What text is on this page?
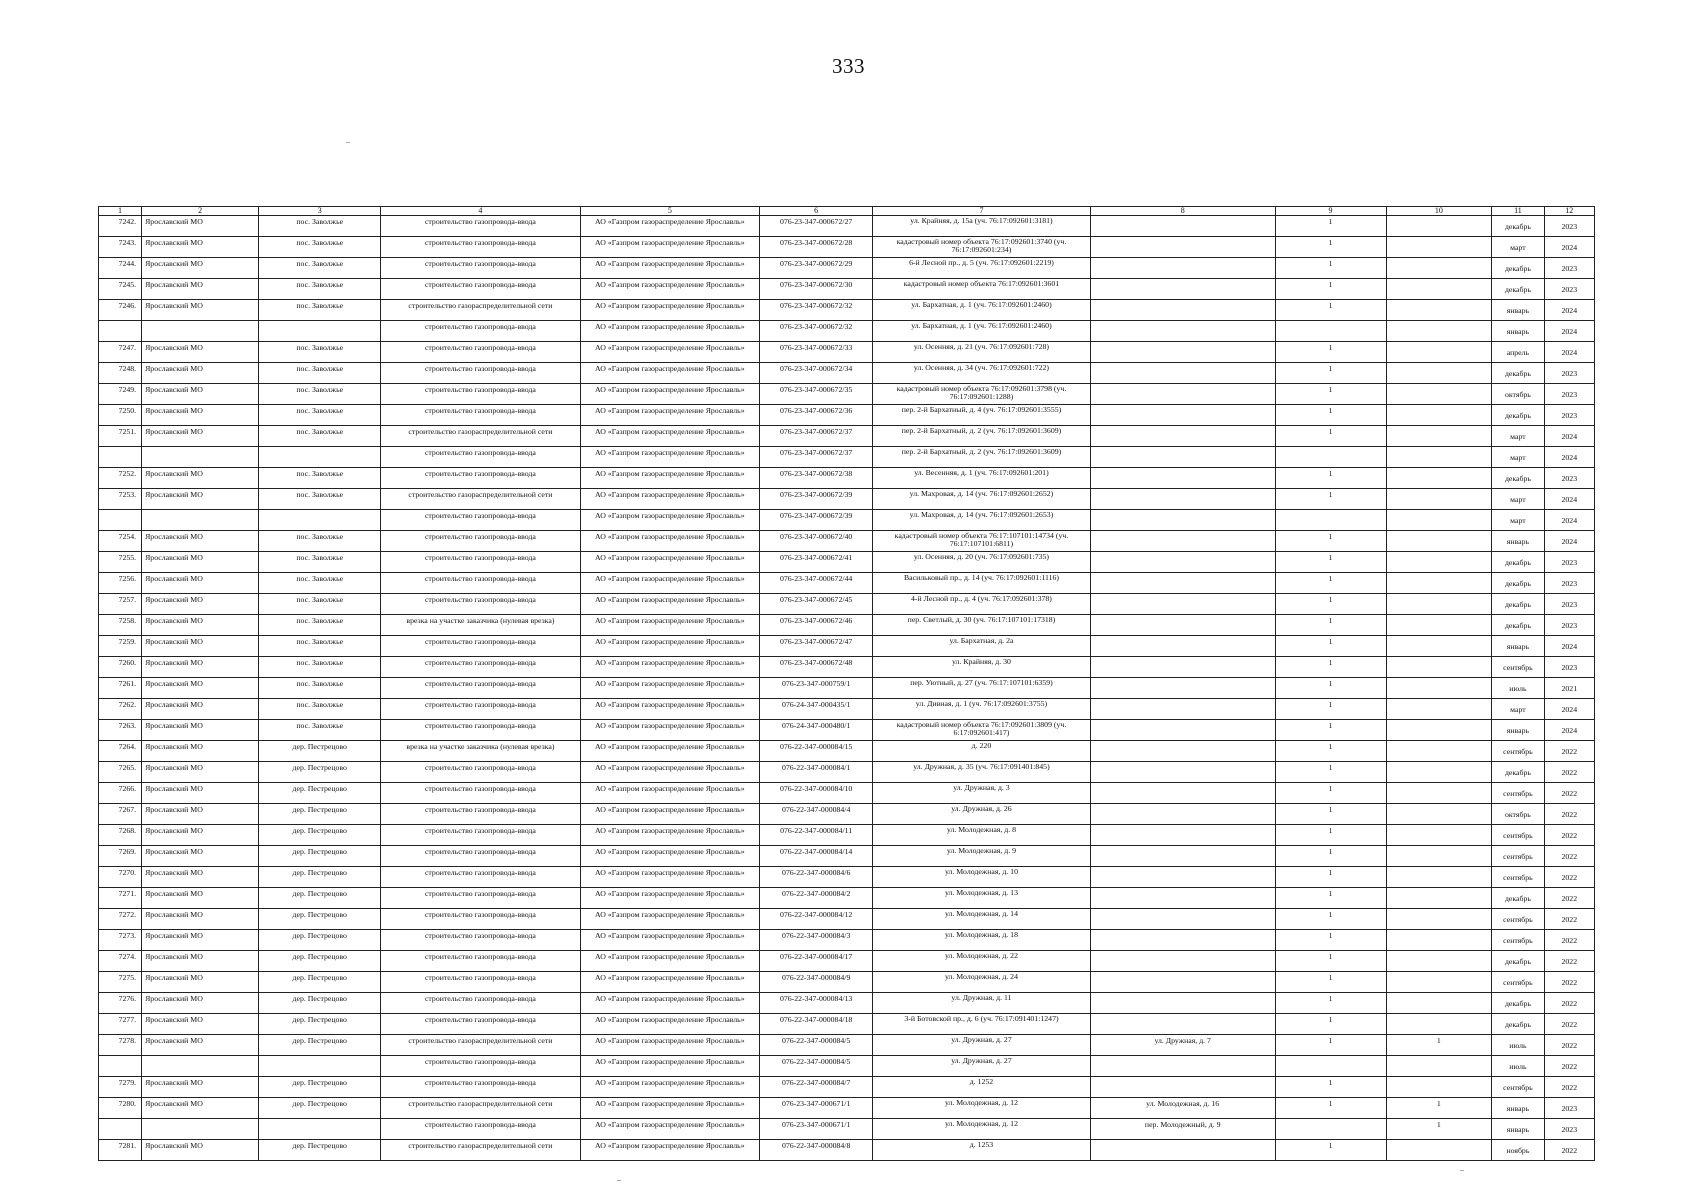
333
1	2	3	4	5	6	7	8	9	10	11	12
7242.	Ярославский МО	пос. Заволжье	строительство газопровода-ввода	АО «Газпром газораспределение Ярославль»	076-23-347-000672/27	ул. Крайняя, д. 15а (уч. 76:17:092601:3181)		1		декабрь	2023
7243.	Ярославский МО	пос. Заволжье	строительство газопровода-ввода	АО «Газпром газораспределение Ярославль»	076-23-347-000672/28	кадастровый номер объекта 76:17:092601:3740 (уч. 76:17:092601:234)		1		март	2024
7244.	Ярославский МО	пос. Заволжье	строительство газопровода-ввода	АО «Газпром газораспределение Ярославль»	076-23-347-000672/29	6-й Лесной пр., д. 5 (уч. 76:17:092601:2219)		1		декабрь	2023
7245.	Ярославский МО	пос. Заволжье	строительство газопровода-ввода	АО «Газпром газораспределение Ярославль»	076-23-347-000672/30	кадастровый номер объекта 76:17:092601:3601		1		декабрь	2023
7246.	Ярославский МО	пос. Заволжье	строительство газораспределительной сети	АО «Газпром газораспределение Ярославль»	076-23-347-000672/32	ул. Бархатная, д. 1 (уч. 76:17:092601:2460)		1		январь	2024
			строительство газопровода-ввода	АО «Газпром газораспределение Ярославль»	076-23-347-000672/32	ул. Бархатная, д. 1 (уч. 76:17:092601:2460)				январь	2024
7247.	Ярославский МО	пос. Заволжье	строительство газопровода-ввода	АО «Газпром газораспределение Ярославль»	076-23-347-000672/33	ул. Осенняя, д. 21 (уч. 76:17:092601:728)		1		апрель	2024
7248.	Ярославский МО	пос. Заволжье	строительство газопровода-ввода	АО «Газпром газораспределение Ярославль»	076-23-347-000672/34	ул. Осенняя, д. 34 (уч. 76:17:092601:722)		1		декабрь	2023
7249.	Ярославский МО	пос. Заволжье	строительство газопровода-ввода	АО «Газпром газораспределение Ярославль»	076-23-347-000672/35	кадастровый номер объекта 76:17:092601:3798 (уч. 76:17:092601:1288)		1		октябрь	2023
7250.	Ярославский МО	пос. Заволжье	строительство газопровода-ввода	АО «Газпром газораспределение Ярославль»	076-23-347-000672/36	пер. 2-й Бархатный, д. 4 (уч. 76:17:092601:3555)		1		декабрь	2023
7251.	Ярославский МО	пос. Заволжье	строительство газораспределительной сети	АО «Газпром газораспределение Ярославль»	076-23-347-000672/37	пер. 2-й Бархатный, д. 2 (уч. 76:17:092601:3609)		1		март	2024
			строительство газопровода-ввода	АО «Газпром газораспределение Ярославль»	076-23-347-000672/37	пер. 2-й Бархатный, д. 2 (уч. 76:17:092601:3609)				март	2024
7252.	Ярославский МО	пос. Заволжье	строительство газопровода-ввода	АО «Газпром газораспределение Ярославль»	076-23-347-000672/38	ул. Весенняя, д. 1 (уч. 76:17:092601:201)		1		декабрь	2023
7253.	Ярославский МО	пос. Заволжье	строительство газораспределительной сети	АО «Газпром газораспределение Ярославль»	076-23-347-000672/39	ул. Махровая, д. 14 (уч. 76:17:092601:2652)		1		март	2024
			строительство газопровода-ввода	АО «Газпром газораспределение Ярославль»	076-23-347-000672/39	ул. Махровая, д. 14 (уч. 76:17:092601:2653)				март	2024
7254.	Ярославский МО	пос. Заволжье	строительство газопровода-ввода	АО «Газпром газораспределение Ярославль»	076-23-347-000672/40	кадастровый номер объекта 76:17:107101:14734 (уч. 76:17:107101:6811)		1		январь	2024
7255.	Ярославский МО	пос. Заволжье	строительство газопровода-ввода	АО «Газпром газораспределение Ярославль»	076-23-347-000672/41	ул. Осенняя, д. 20 (уч. 76:17:092601:735)		1		декабрь	2023
7256.	Ярославский МО	пос. Заволжье	строительство газопровода-ввода	АО «Газпром газораспределение Ярославль»	076-23-347-000672/44	Васильковый пр., д. 14 (уч. 76:17:092601:1116)		1		декабрь	2023
7257.	Ярославский МО	пос. Заволжье	строительство газопровода-ввода	АО «Газпром газораспределение Ярославль»	076-23-347-000672/45	4-й Лесной пр., д. 4 (уч. 76:17:092601:378)		1		декабрь	2023
7258.	Ярославский МО	пос. Заволжье	врезка на участке заказчика (нулевая врезка)	АО «Газпром газораспределение Ярославль»	076-23-347-000672/46	пер. Светлый, д. 30 (уч. 76:17:107101:17318)		1		декабрь	2023
7259.	Ярославский МО	пос. Заволжье	строительство газопровода-ввода	АО «Газпром газораспределение Ярославль»	076-23-347-000672/47	ул. Бархатная, д. 2а		1		январь	2024
7260.	Ярославский МО	пос. Заволжье	строительство газопровода-ввода	АО «Газпром газораспределение Ярославль»	076-23-347-000672/48	ул. Крайняя, д. 30		1		сентябрь	2023
7261.	Ярославский МО	пос. Заволжье	строительство газопровода-ввода	АО «Газпром газораспределение Ярославль»	076-23-347-000759/1	пер. Уютный, д. 27 (уч. 76:17:107101:6359)		1		июль	2021
7262.	Ярославский МО	пос. Заволжье	строительство газопровода-ввода	АО «Газпром газораспределение Ярославль»	076-24-347-000435/1	ул. Дивная, д. 1 (уч. 76:17:092601:3755)		1		март	2024
7263.	Ярославский МО	пос. Заволжье	строительство газопровода-ввода	АО «Газпром газораспределение Ярославль»	076-24-347-000480/1	кадастровый номер объекта 76:17:092601:3809 (уч. 6:17:092601:417)		1		январь	2024
7264.	Ярославский МО	дер. Пестрецово	врезка на участке заказчика (нулевая врезка)	АО «Газпром газораспределение Ярославль»	076-22-347-000084/15	д. 220		1		сентябрь	2022
7265.	Ярославский МО	дер. Пестрецово	строительство газопровода-ввода	АО «Газпром газораспределение Ярославль»	076-22-347-000084/1	ул. Дружная, д. 35 (уч. 76:17:091401:845)		1		декабрь	2022
7266.	Ярославский МО	дер. Пестрецово	строительство газопровода-ввода	АО «Газпром газораспределение Ярославль»	076-22-347-000084/10	ул. Дружная, д. 3		1		сентябрь	2022
7267.	Ярославский МО	дер. Пестрецово	строительство газопровода-ввода	АО «Газпром газораспределение Ярославль»	076-22-347-000084/4	ул. Дружная, д. 26		1		октябрь	2022
7268.	Ярославский МО	дер. Пестрецово	строительство газопровода-ввода	АО «Газпром газораспределение Ярославль»	076-22-347-000084/11	ул. Молодежная, д. 8		1		сентябрь	2022
7269.	Ярославский МО	дер. Пестрецово	строительство газопровода-ввода	АО «Газпром газораспределение Ярославль»	076-22-347-000084/14	ул. Молодежная, д. 9		1		сентябрь	2022
7270.	Ярославский МО	дер. Пестрецово	строительство газопровода-ввода	АО «Газпром газораспределение Ярославль»	076-22-347-000084/6	ул. Молодежная, д. 10		1		сентябрь	2022
7271.	Ярославский МО	дер. Пестрецово	строительство газопровода-ввода	АО «Газпром газораспределение Ярославль»	076-22-347-000084/2	ул. Молодежная, д. 13		1		декабрь	2022
7272.	Ярославский МО	дер. Пестрецово	строительство газопровода-ввода	АО «Газпром газораспределение Ярославль»	076-22-347-000084/12	ул. Молодежная, д. 14		1		сентябрь	2022
7273.	Ярославский МО	дер. Пестрецово	строительство газопровода-ввода	АО «Газпром газораспределение Ярославль»	076-22-347-000084/3	ул. Молодежная, д. 18		1		сентябрь	2022
7274.	Ярославский МО	дер. Пестрецово	строительство газопровода-ввода	АО «Газпром газораспределение Ярославль»	076-22-347-000084/17	ул. Молодежная, д. 22		1		декабрь	2022
7275.	Ярославский МО	дер. Пестрецово	строительство газопровода-ввода	АО «Газпром газораспределение Ярославль»	076-22-347-000084/9	ул. Молодежная, д. 24		1		сентябрь	2022
7276.	Ярославский МО	дер. Пестрецово	строительство газопровода-ввода	АО «Газпром газораспределение Ярославль»	076-22-347-000084/13	ул. Дружная, д. 11		1		декабрь	2022
7277.	Ярославский МО	дер. Пестрецово	строительство газопровода-ввода	АО «Газпром газораспределение Ярославль»	076-22-347-000084/18	3-й Ботовской пр., д. 6 (уч. 76:17:091401:1247)		1		декабрь	2022
7278.	Ярославский МО	дер. Пестрецово	строительство газораспределительной сети	АО «Газпром газораспределение Ярославль»	076-22-347-000084/5	ул. Дружная, д. 27	ул. Дружная, д. 7	1	1	июль	2022
			строительство газопровода-ввода	АО «Газпром газораспределение Ярославль»	076-22-347-000084/5	ул. Дружная, д. 27				июль	2022
7279.	Ярославский МО	дер. Пестрецово	строительство газопровода-ввода	АО «Газпром газораспределение Ярославль»	076-22-347-000084/7	д. 1252		1		сентябрь	2022
7280.	Ярославский МО	дер. Пестрецово	строительство газораспределительной сети	АО «Газпром газораспределение Ярославль»	076-23-347-000671/1	ул. Молодежная, д. 12	ул. Молодежная, д. 16	1	1	январь	2023
			строительство газопровода-ввода	АО «Газпром газораспределение Ярославль»	076-23-347-000671/1	ул. Молодежная, д. 12	пер. Молодежный, д. 9		1	январь	2023
7281.	Ярославский МО	дер. Пестрецово	строительство газораспределительной сети	АО «Газпром газораспределение Ярославль»	076-22-347-000084/8	д. 1253		1		ноябрь	2022
